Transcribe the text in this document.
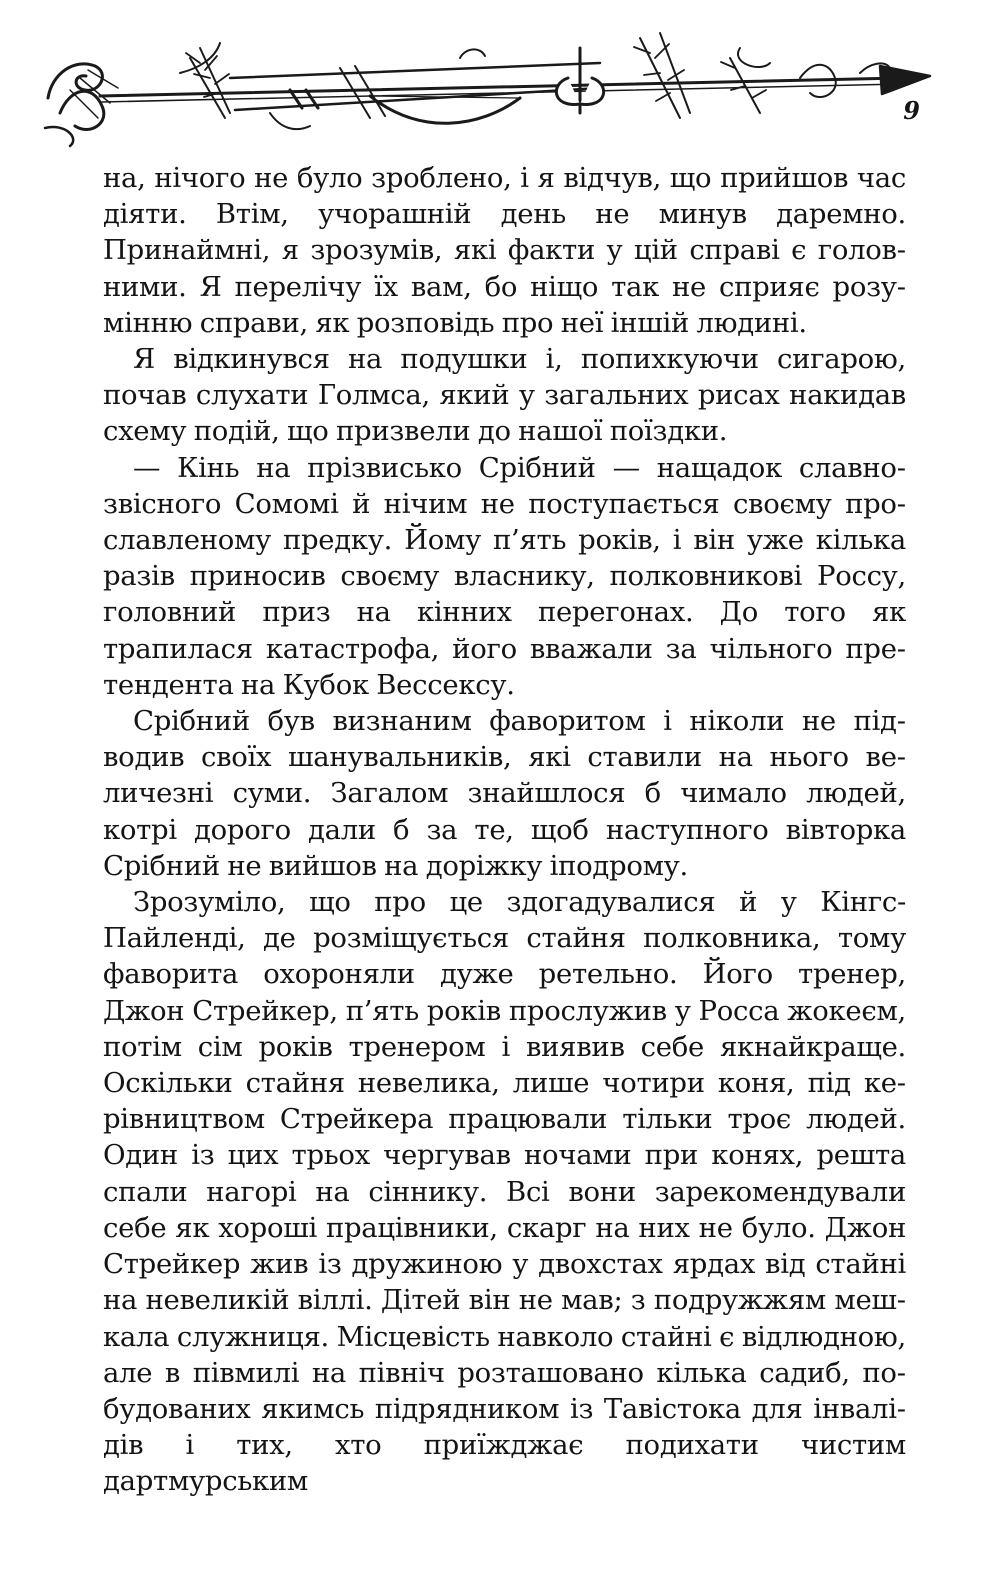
9

на, нічого не було зроблено, і я відчув, що прийшов час діяти. Втім, учорашній день не минув даремно. Принаймні, я зрозумів, які факти у цій справі є головними. Я перелічу їх вам, бо ніщо так не сприяє розумінню справи, як розповідь про неї іншій людині.

Я відкинувся на подушки і, попихкуючи сигарою, почав слухати Голмса, який у загальних рисах накидав схему подій, що призвели до нашої поїздки.

— Кінь на прізвисько Срібний — нащадок славнозвісного Сомомі й нічим не поступається своєму прославленому предку. Йому п’ять років, і він уже кілька разів приносив своєму власнику, полковникові Россу, головний приз на кінних перегонах. До того як трапилася катастрофа, його вважали за чільного претендента на Кубок Вессексу.

Срібний був визнаним фаворитом і ніколи не підводив своїх шанувальників, які ставили на нього величезні суми. Загалом знайшлося б чимало людей, котрі дорого дали б за те, щоб наступного вівторка Срібний не вийшов на доріжку іподрому.

Зрозуміло, що про це здогадувалися й у Кінгс-Пайленді, де розміщується стайня полковника, тому фаворита охороняли дуже ретельно. Його тренер, Джон Стрейкер, п’ять років прослужив у Росса жокеєм, потім сім років тренером і виявив себе якнайкраще. Оскільки стайня невелика, лише чотири коня, під керівництвом Стрейкера працювали тільки троє людей. Один із цих трьох чергував ночами при конях, решта спали нагорі на сіннику. Всі вони зарекомендували себе як хороші працівники, скарг на них не було. Джон Стрейкер жив із дружиною у двохстах ярдах від стайні на невеликій віллі. Дітей він не мав; з подружжям мешкала служниця. Місцевість навколо стайні є відлюдною, але в півмилі на північ розташовано кілька садиб, побудованих якимсь підрядником із Тавістока для інвалідів і тих, хто приїжджає подихати чистим дартмурським
